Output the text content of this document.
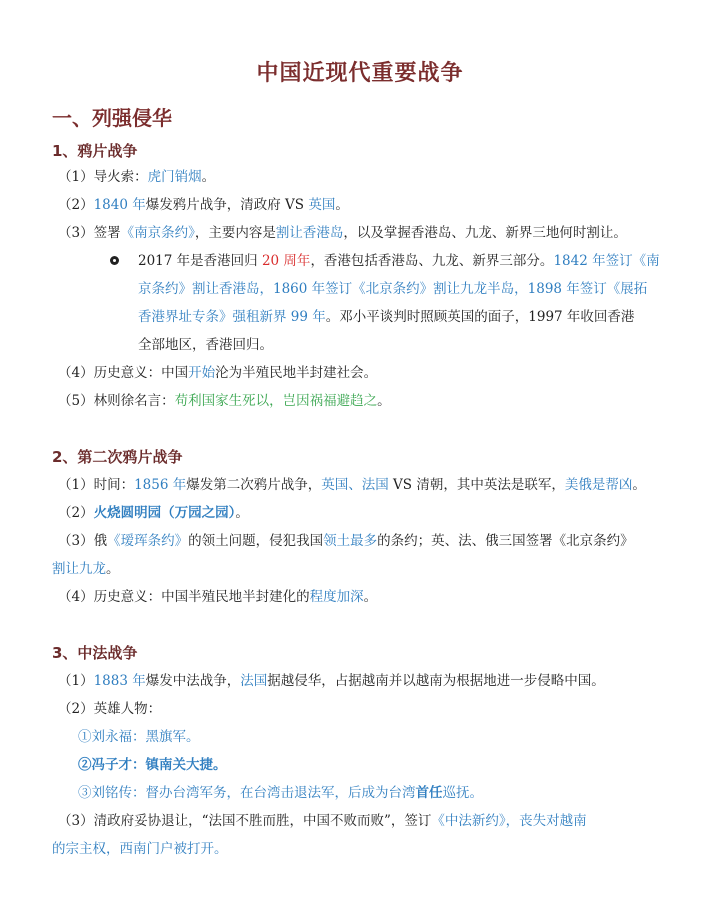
中国近现代重要战争
一、列强侵华
1、鸦片战争
（1）导火索：虎门销烟。
（2）1840 年爆发鸦片战争，清政府 VS 英国。
（3）签署《南京条约》，主要内容是割让香港岛，以及掌握香港岛、九龙、新界三地何时割让。
2017 年是香港回归 20 周年，香港包括香港岛、九龙、新界三部分。1842 年签订《南
京条约》割让香港岛，1860 年签订《北京条约》割让九龙半岛，1898 年签订《展拓
香港界址专条》强租新界 99 年。邓小平谈判时照顾英国的面子，1997 年收回香港
全部地区，香港回归。
（4）历史意义：中国开始沦为半殖民地半封建社会。
（5）林则徐名言：苟利国家生死以，岂因祸福避趋之。
2、第二次鸦片战争
（1）时间：1856 年爆发第二次鸦片战争，英国、法国 VS 清朝，其中英法是联军，美俄是帮凶。
（2）火烧圆明园（万园之园）。
（3）俄《瑷珲条约》的领土问题，侵犯我国领土最多的条约；英、法、俄三国签署《北京条约》
割让九龙。
（4）历史意义：中国半殖民地半封建化的程度加深。
3、中法战争
（1）1883 年爆发中法战争，法国据越侵华，占据越南并以越南为根据地进一步侵略中国。
（2）英雄人物：
①刘永福：黑旗军。
②冯子才：镇南关大捷。
③刘铭传：督办台湾军务，在台湾击退法军，后成为台湾首任巡抚。
（3）清政府妥协退让，“法国不胜而胜，中国不败而败”，签订《中法新约》，丧失对越南
的宗主权，西南门户被打开。
